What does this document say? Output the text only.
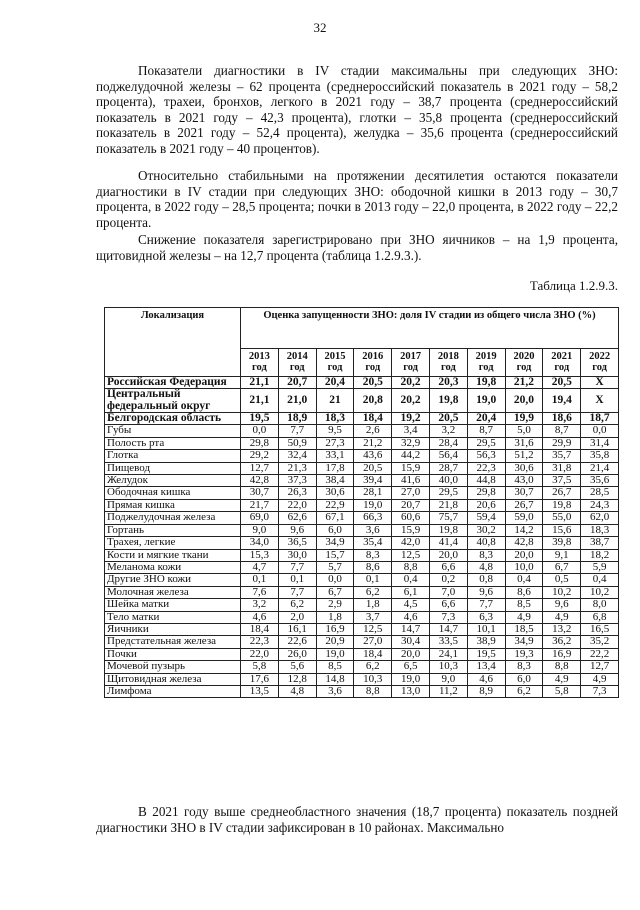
32

Показатели диагностики в IV стадии максимальны при следующих ЗНО: поджелудочной железы – 62 процента (среднероссийский показатель в 2021 году – 58,2 процента), трахеи, бронхов, легкого в 2021 году – 38,7 процента (среднероссийский показатель в 2021 году – 42,3 процента), глотки – 35,8 процента (среднероссийский показатель в 2021 году – 52,4 процента), желудка – 35,6 процента (среднероссийский показатель в 2021 году – 40 процентов).

Относительно стабильными на протяжении десятилетия остаются показатели диагностики в IV стадии при следующих ЗНО: ободочной кишки в 2013 году – 30,7 процента, в 2022 году – 28,5 процента; почки в 2013 году – 22,0 процента, в 2022 году – 22,2 процента.

Снижение показателя зарегистрировано при ЗНО яичников – на 1,9 процента, щитовидной железы – на 12,7 процента (таблица 1.2.9.3.).

Таблица 1.2.9.3.
Локализация	Оценка запущенности ЗНО: доля IV стадии из общего числа ЗНО (%)									
	2013 год	2014 год	2015 год	2016 год	2017 год	2018 год	2019 год	2020 год	2021 год	2022 год
Российская Федерация	21,1	20,7	20,4	20,5	20,2	20,3	19,8	21,2	20,5	X
Центральный федеральный округ	21,1	21,0	21	20,8	20,2	19,8	19,0	20,0	19,4	X
Белгородская область	19,5	18,9	18,3	18,4	19,2	20,5	20,4	19,9	18,6	18,7
Губы	0,0	7,7	9,5	2,6	3,4	3,2	8,7	5,0	8,7	0,0
Полость рта	29,8	50,9	27,3	21,2	32,9	28,4	29,5	31,6	29,9	31,4
Глотка	29,2	32,4	33,1	43,6	44,2	56,4	56,3	51,2	35,7	35,8
Пищевод	12,7	21,3	17,8	20,5	15,9	28,7	22,3	30,6	31,8	21,4
Желудок	42,8	37,3	38,4	39,4	41,6	40,0	44,8	43,0	37,5	35,6
Ободочная кишка	30,7	26,3	30,6	28,1	27,0	29,5	29,8	30,7	26,7	28,5
Прямая кишка	21,7	22,0	22,9	19,0	20,7	21,8	20,6	26,7	19,8	24,3
Поджелудочная железа	69,0	62,6	67,1	66,3	60,6	75,7	59,4	59,0	55,0	62,0
Гортань	9,0	9,6	6,0	3,6	15,9	19,8	30,2	14,2	15,6	18,3
Трахея, легкие	34,0	36,5	34,9	35,4	42,0	41,4	40,8	42,8	39,8	38,7
Кости и мягкие ткани	15,3	30,0	15,7	8,3	12,5	20,0	8,3	20,0	9,1	18,2
Меланома кожи	4,7	7,7	5,7	8,6	8,8	6,6	4,8	10,0	6,7	5,9
Другие ЗНО кожи	0,1	0,1	0,0	0,1	0,4	0,2	0,8	0,4	0,5	0,4
Молочная железа	7,6	7,7	6,7	6,2	6,1	7,0	9,6	8,6	10,2	10,2
Шейка матки	3,2	6,2	2,9	1,8	4,5	6,6	7,7	8,5	9,6	8,0
Тело матки	4,6	2,0	1,8	3,7	4,6	7,3	6,3	4,9	4,9	6,8
Яичники	18,4	16,1	16,9	12,5	14,7	14,7	10,1	18,5	13,2	16,5
Предстательная железа	22,3	22,6	20,9	27,0	30,4	33,5	38,9	34,9	36,2	35,2
Почки	22,0	26,0	19,0	18,4	20,0	24,1	19,5	19,3	16,9	22,2
Мочевой пузырь	5,8	5,6	8,5	6,2	6,5	10,3	13,4	8,3	8,8	12,7
Щитовидная железа	17,6	12,8	14,8	10,3	19,0	9,0	4,6	6,0	4,9	4,9
Лимфома	13,5	4,8	3,6	8,8	13,0	11,2	8,9	6,2	5,8	7,3

В 2021 году выше среднеобластного значения (18,7 процента) показатель поздней диагностики ЗНО в IV стадии зафиксирован в 10 районах. Максимально
